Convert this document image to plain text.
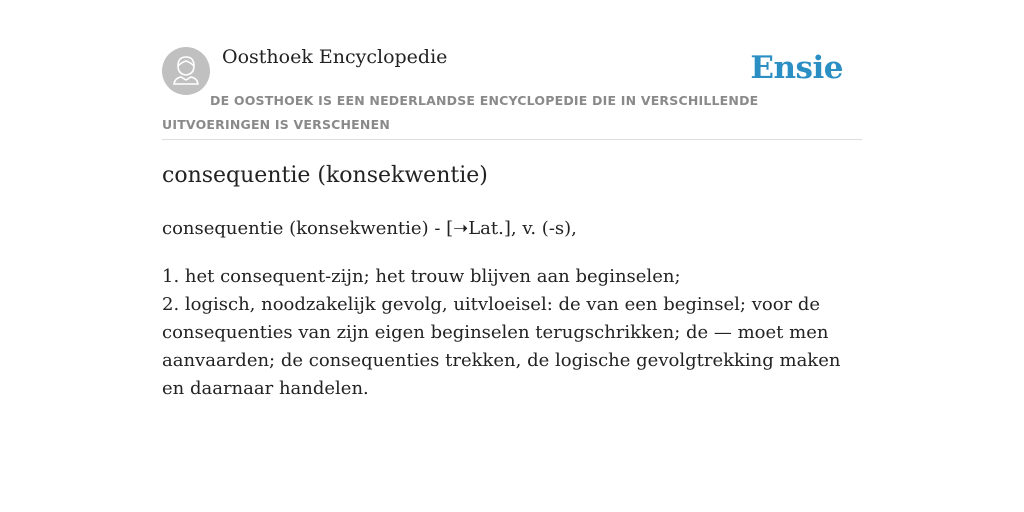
Oosthoek Encyclopedie	Ensie
DE OOSTHOEK IS EEN NEDERLANDSE ENCYCLOPEDIE DIE IN VERSCHILLENDE UITVOERINGEN IS VERSCHENEN
consequentie (konsekwentie)
consequentie (konsekwentie) - [➝Lat.], v. (-s),
1. het consequent-zijn; het trouw blijven aan beginselen;
2. logisch, noodzakelijk gevolg, uitvloeisel: de van een beginsel; voor de consequenties van zijn eigen beginselen terugschrikken; de — moet men aanvaarden; de consequenties trekken, de logische gevolgtrekking maken en daarnaar handelen.
